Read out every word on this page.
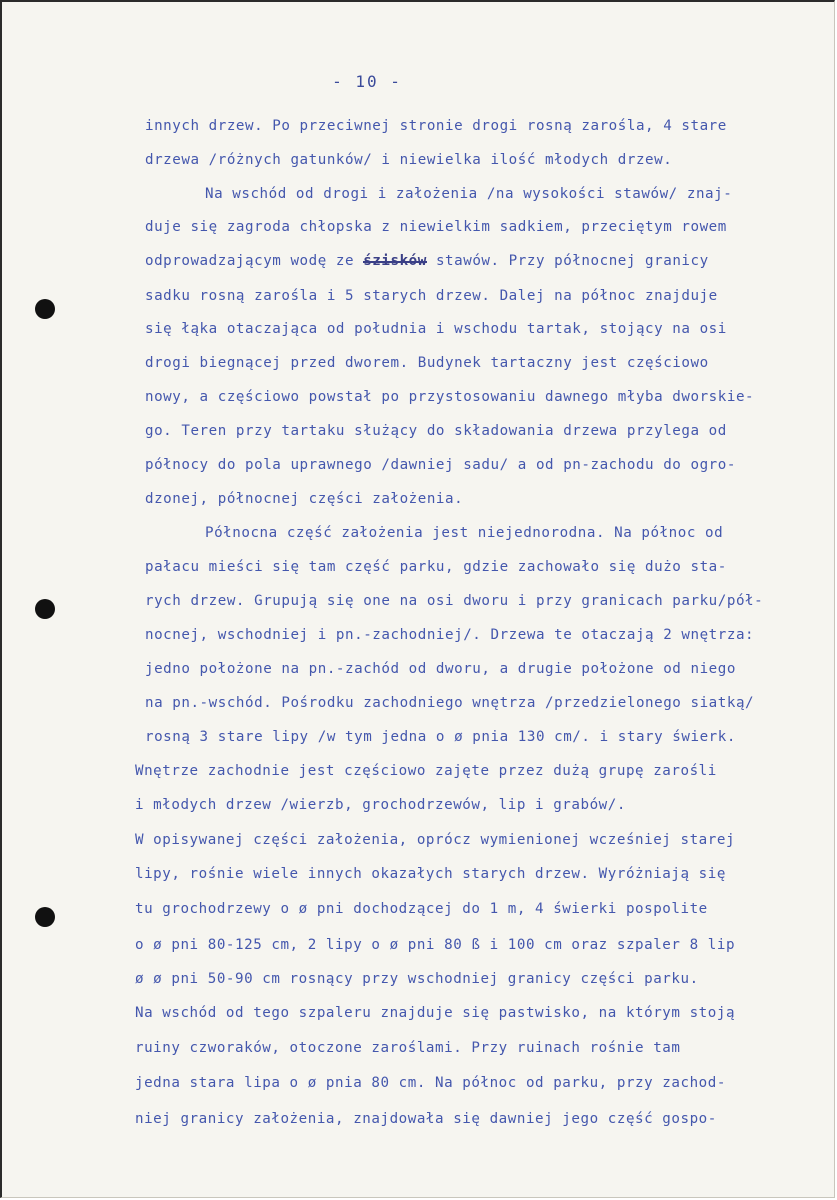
- 10 -
innych drzew. Po przeciwnej stronie drogi rosną zarośla, 4 stare
drzewa /różnych gatunków/ i niewielka ilość młodych drzew.
Na wschód od drogi i założenia /na wysokości stawów/ znaj-
duje się zagroda chłopska z niewielkim sadkiem, przeciętym rowem
odprowadzającym wodę ze śzisków stawów. Przy północnej granicy
sadku rosną zarośla i 5 starych drzew. Dalej na północ znajduje
się łąka otaczająca od południa i wschodu tartak, stojący na osi
drogi biegnącej przed dworem. Budynek tartaczny jest częściowo
nowy, a częściowo powstał po przystosowaniu dawnego młyba dworskie-
go. Teren przy tartaku służący do składowania drzewa przylega od
północy do pola uprawnego /dawniej sadu/ a od pn-zachodu do ogro-
dzonej, północnej części założenia.
Północna część założenia jest niejednorodna. Na północ od
pałacu mieści się tam część parku, gdzie zachowało się dużo sta-
rych drzew. Grupują się one na osi dworu i przy granicach parku/pół-
nocnej, wschodniej i pn.-zachodniej/. Drzewa te otaczają 2 wnętrza:
jedno położone na pn.-zachód od dworu, a drugie położone od niego
na pn.-wschód. Pośrodku zachodniego wnętrza /przedzielonego siatką/
rosną 3 stare lipy /w tym jedna o ø pnia 130 cm/. i stary świerk.
Wnętrze zachodnie jest częściowo zajęte przez dużą grupę zarośli
i młodych drzew /wierzb, grochodrzewów, lip i grabów/.
W opisywanej części założenia, oprócz wymienionej wcześniej starej
lipy, rośnie wiele innych okazałych starych drzew. Wyróżniają się
tu grochodrzewy o ø pni dochodzącej do 1 m, 4 świerki pospolite
o ø pni 80-125 cm, 2 lipy o ø pni 80 ß i 100 cm oraz szpaler 8 lip
ø ø pni 50-90 cm rosnący przy wschodniej granicy części parku.
Na wschód od tego szpaleru znajduje się pastwisko, na którym stoją
ruiny czworaków, otoczone zaroślami. Przy ruinach rośnie tam
jedna stara lipa o ø pnia 80 cm. Na północ od parku, przy zachod-
niej granicy założenia, znajdowała się dawniej jego część gospo-
